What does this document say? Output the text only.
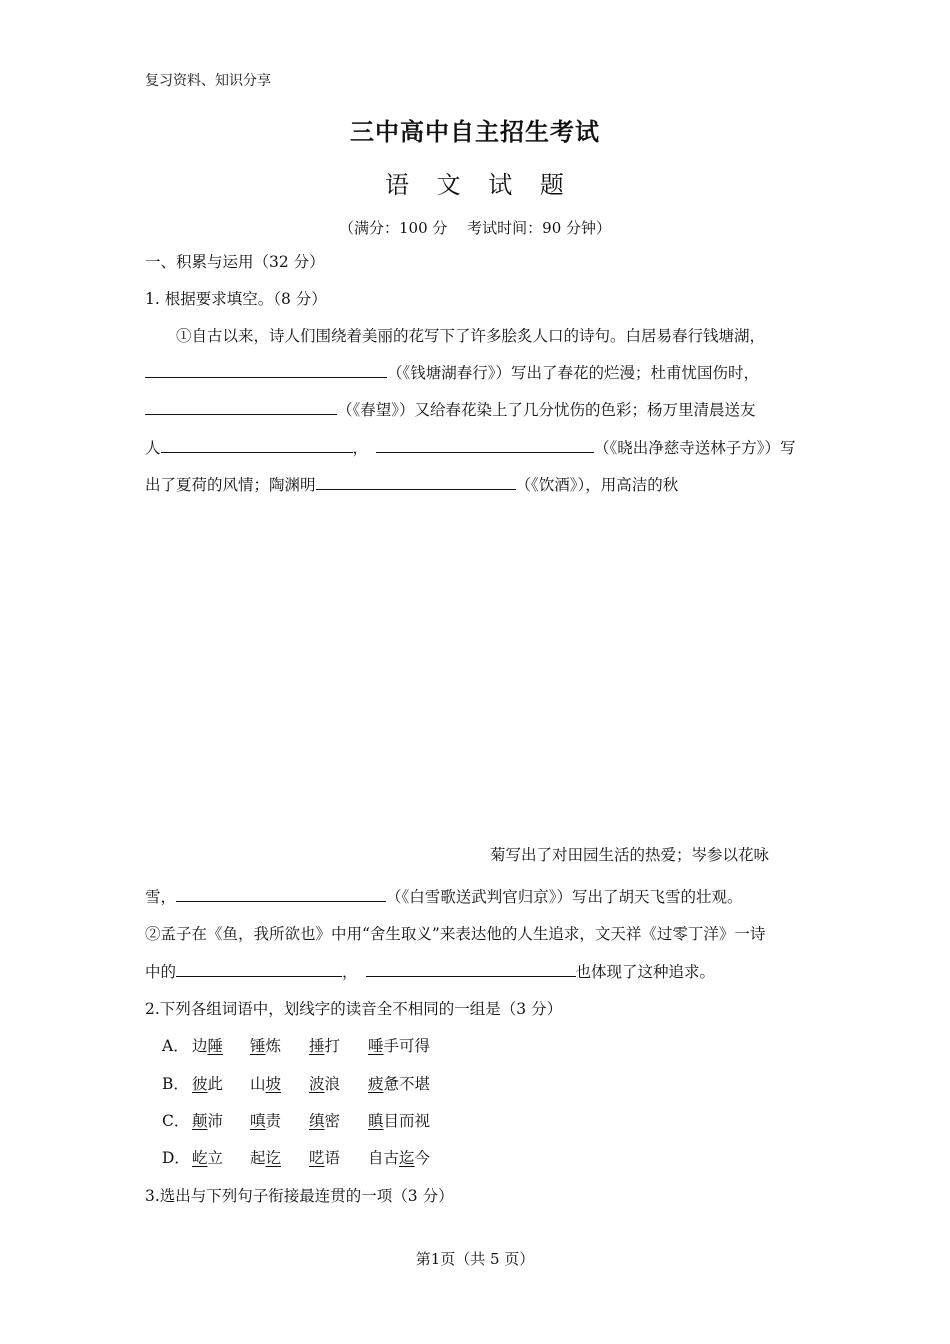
复习资料、知识分享
三中高中自主招生考试
语 文 试 题
（满分：100 分　 考试时间：90 分钟）
一、积累与运用（32 分）
1. 根据要求填空。（8 分）
①自古以来，诗人们围绕着美丽的花写下了许多脍炙人口的诗句。白居易春行钱塘湖，
（《钱塘湖春行》）写出了春花的烂漫；杜甫忧国伤时，
（《春望》）又给春花染上了几分忧伤的色彩；杨万里清晨送友
人	，	（《晓出净慈寺送林子方》）写
出了夏荷的风情；陶渊明	（《饮酒》），用高洁的秋
菊写出了对田园生活的热爱；岑参以花咏
雪，	（《白雪歌送武判官归京》）写出了胡天飞雪的壮观。
②孟子在《鱼，我所欲也》中用“舍生取义”来表达他的人生追求，文天祥《过零丁洋》一诗
中的	，	也体现了这种追求。
2.下列各组词语中，划线字的读音全不相同的一组是（3 分）
A． 边陲 锤炼 捶打 唾手可得
B． 彼此 山坡 波浪 疲惫不堪
C． 颠沛 嗔责 缜密 瞋目而视
D． 屹立 起讫 呓语 自古迄今
3.选出与下列句子衔接最连贯的一项（3 分）
第1页（共 5 页）
